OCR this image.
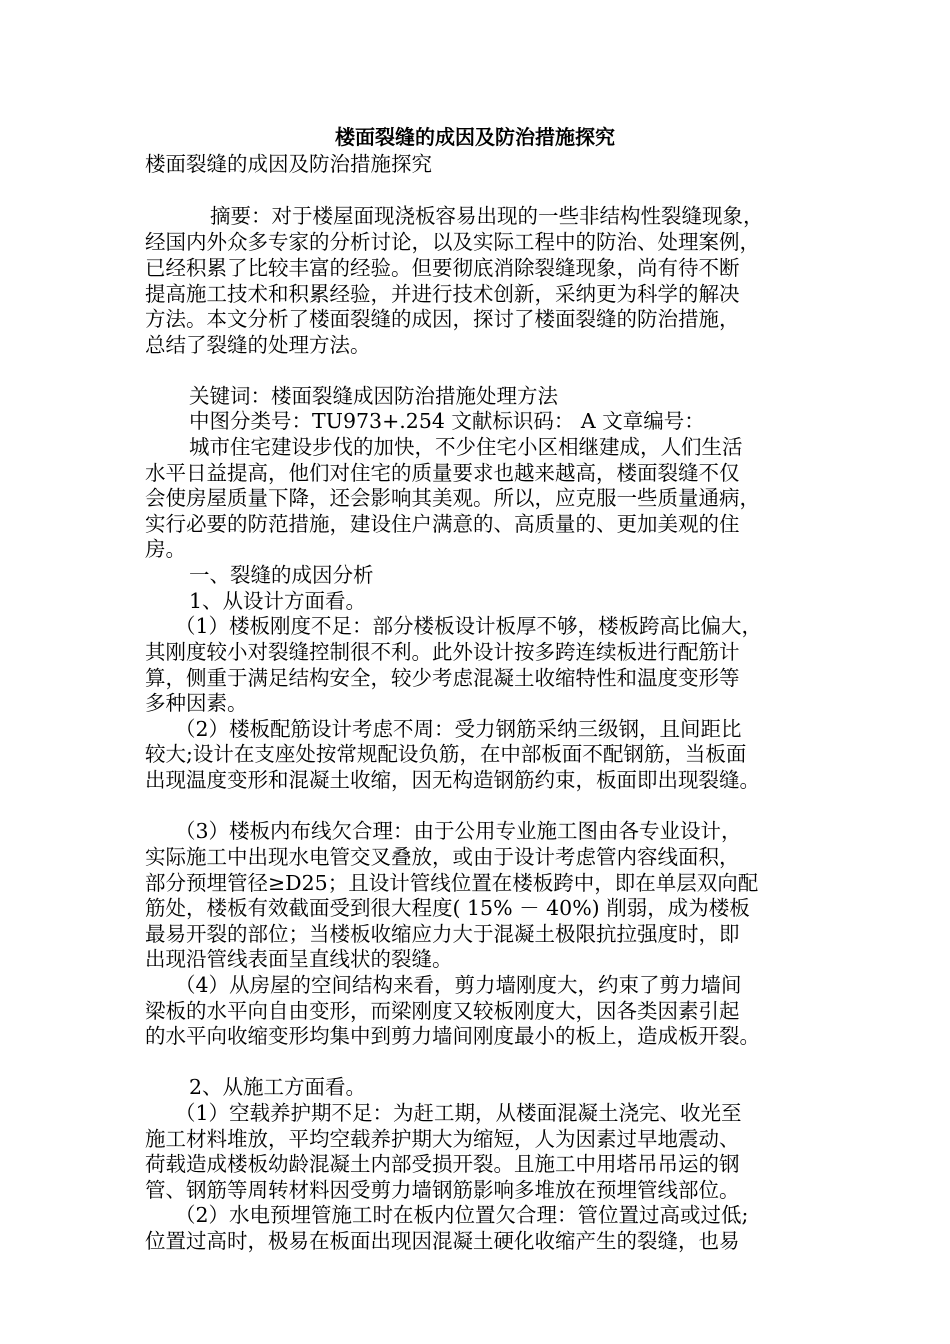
楼面裂缝的成因及防治措施探究
楼面裂缝的成因及防治措施探究
摘要：对于楼屋面现浇板容易出现的一些非结构性裂缝现象，
经国内外众多专家的分析讨论，以及实际工程中的防治、处理案例，
已经积累了比较丰富的经验。但要彻底消除裂缝现象，尚有待不断
提高施工技术和积累经验，并进行技术创新，采纳更为科学的解决
方法。本文分析了楼面裂缝的成因，探讨了楼面裂缝的防治措施，
总结了裂缝的处理方法。
关键词：楼面裂缝成因防治措施处理方法
中图分类号：TU973+.254 文献标识码： A 文章编号：
城市住宅建设步伐的加快，不少住宅小区相继建成，人们生活
水平日益提高，他们对住宅的质量要求也越来越高，楼面裂缝不仅
会使房屋质量下降，还会影响其美观。所以，应克服一些质量通病，
实行必要的防范措施，建设住户满意的、高质量的、更加美观的住
房。
一、裂缝的成因分析
1、从设计方面看。
（1）楼板刚度不足：部分楼板设计板厚不够，楼板跨高比偏大，
其刚度较小对裂缝控制很不利。此外设计按多跨连续板进行配筋计
算，侧重于满足结构安全，较少考虑混凝土收缩特性和温度变形等
多种因素。
（2）楼板配筋设计考虑不周：受力钢筋采纳三级钢，且间距比
较大;设计在支座处按常规配设负筋，在中部板面不配钢筋，当板面
出现温度变形和混凝土收缩，因无构造钢筋约束，板面即出现裂缝。
（3）楼板内布线欠合理：由于公用专业施工图由各专业设计，
实际施工中出现水电管交叉叠放，或由于设计考虑管内容线面积，
部分预埋管径≥D25；且设计管线位置在楼板跨中，即在单层双向配
筋处，楼板有效截面受到很大程度( 15% － 40%) 削弱，成为楼板
最易开裂的部位；当楼板收缩应力大于混凝土极限抗拉强度时，即
出现沿管线表面呈直线状的裂缝。
（4）从房屋的空间结构来看，剪力墙刚度大，约束了剪力墙间
梁板的水平向自由变形，而梁刚度又较板刚度大，因各类因素引起
的水平向收缩变形均集中到剪力墙间刚度最小的板上，造成板开裂。
2、从施工方面看。
（1）空载养护期不足：为赶工期，从楼面混凝土浇完、收光至
施工材料堆放，平均空载养护期大为缩短，人为因素过早地震动、
荷载造成楼板幼龄混凝土内部受损开裂。且施工中用塔吊吊运的钢
管、钢筋等周转材料因受剪力墙钢筋影响多堆放在预埋管线部位。
（2）水电预埋管施工时在板内位置欠合理：管位置过高或过低;
位置过高时，极易在板面出现因混凝土硬化收缩产生的裂缝，也易
